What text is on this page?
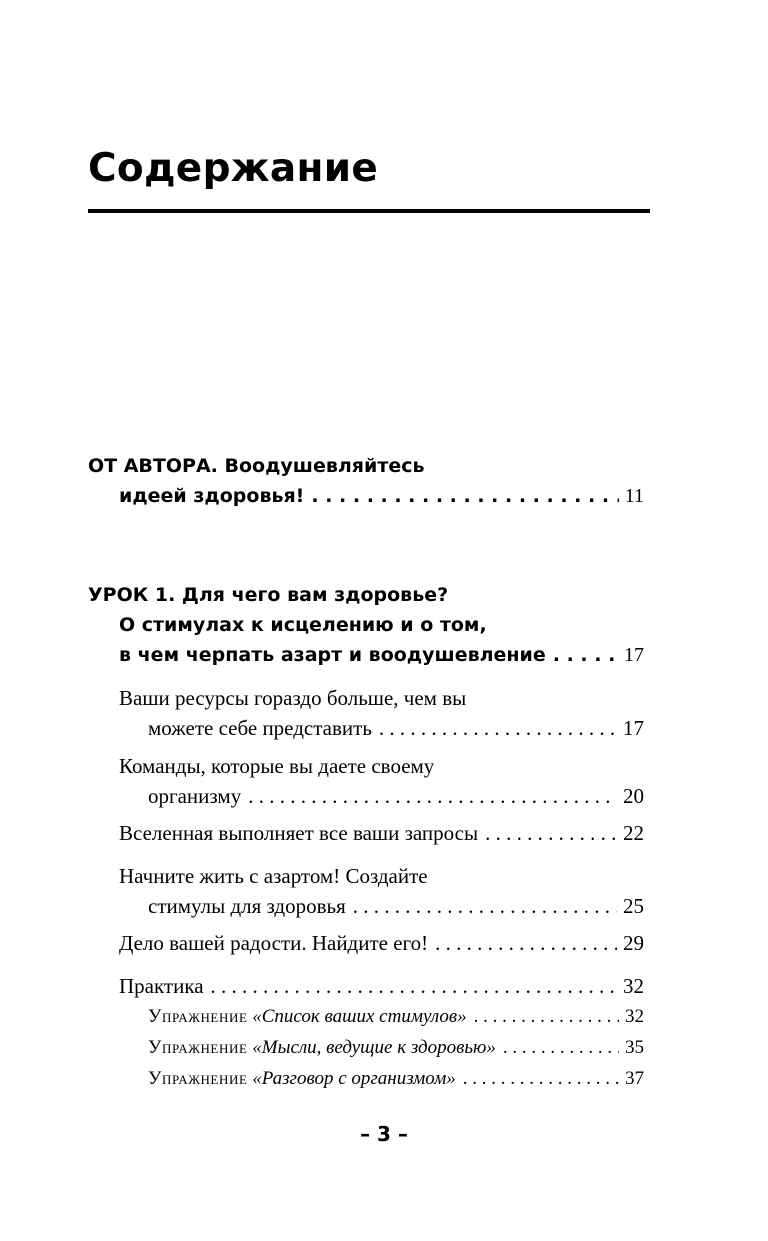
Содержание
ОТ АВТОРА. Воодушевляйтесь
идеей здоровья! . . .	11
УРОК 1. Для чего вам здоровье?
О стимулах к исцелению и о том,
в чем черпать азарт и воодушевление . . .	17
Ваши ресурсы гораздо больше, чем вы
можете себе представить . . .	17
Команды, которые вы даете своему
организму . . .	20
Вселенная выполняет все ваши запросы . . .	22
Начните жить с азартом! Создайте
стимулы для здоровья . . .	25
Дело вашей радости. Найдите его! . . .	29
Практика . . .	32
Упражнение «Список ваших стимулов» . . .	32
Упражнение «Мысли, ведущие к здоровью» . . .	35
Упражнение «Разговор с организмом» . . .	37
– 3 –
